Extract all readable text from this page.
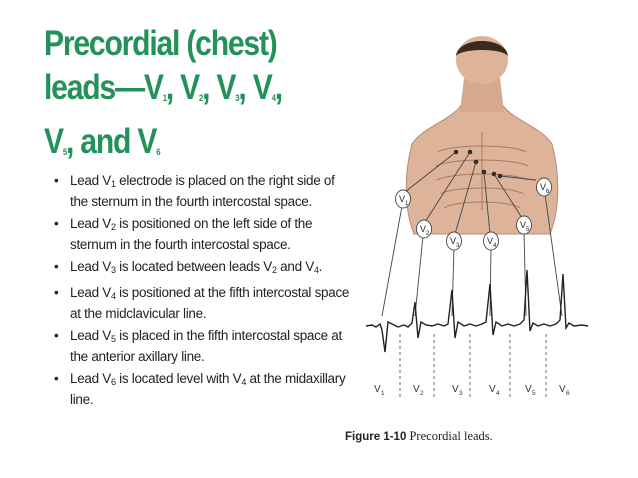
Precordial (chest)
$leads—V_1$, $V_2$, $V_3$, $V_4$,
$V_5$, and $V_6$
• Lead $V_1$ electrode is placed on the right side of the sternum in the fourth intercostal space.
• Lead $V_2$ is positioned on the left side of the sternum in the fourth intercostal space.
• Lead $V_3$ is located between leads $V_2$ and $V_4$.
• Lead $V_4$ is positioned at the fifth intercostal space at the midclavicular line.
• Lead $V_5$ is placed in the fifth intercostal space at the anterior axillary line.
• Lead $V_6$ is located level with $V_4$ at the midaxillary line.
V 1
V 2
V 3	V 4
V 5
V 6
V 1	V 2	V 3	V 4	V 5 V 6
Figure 1-10 Precordial leads.
